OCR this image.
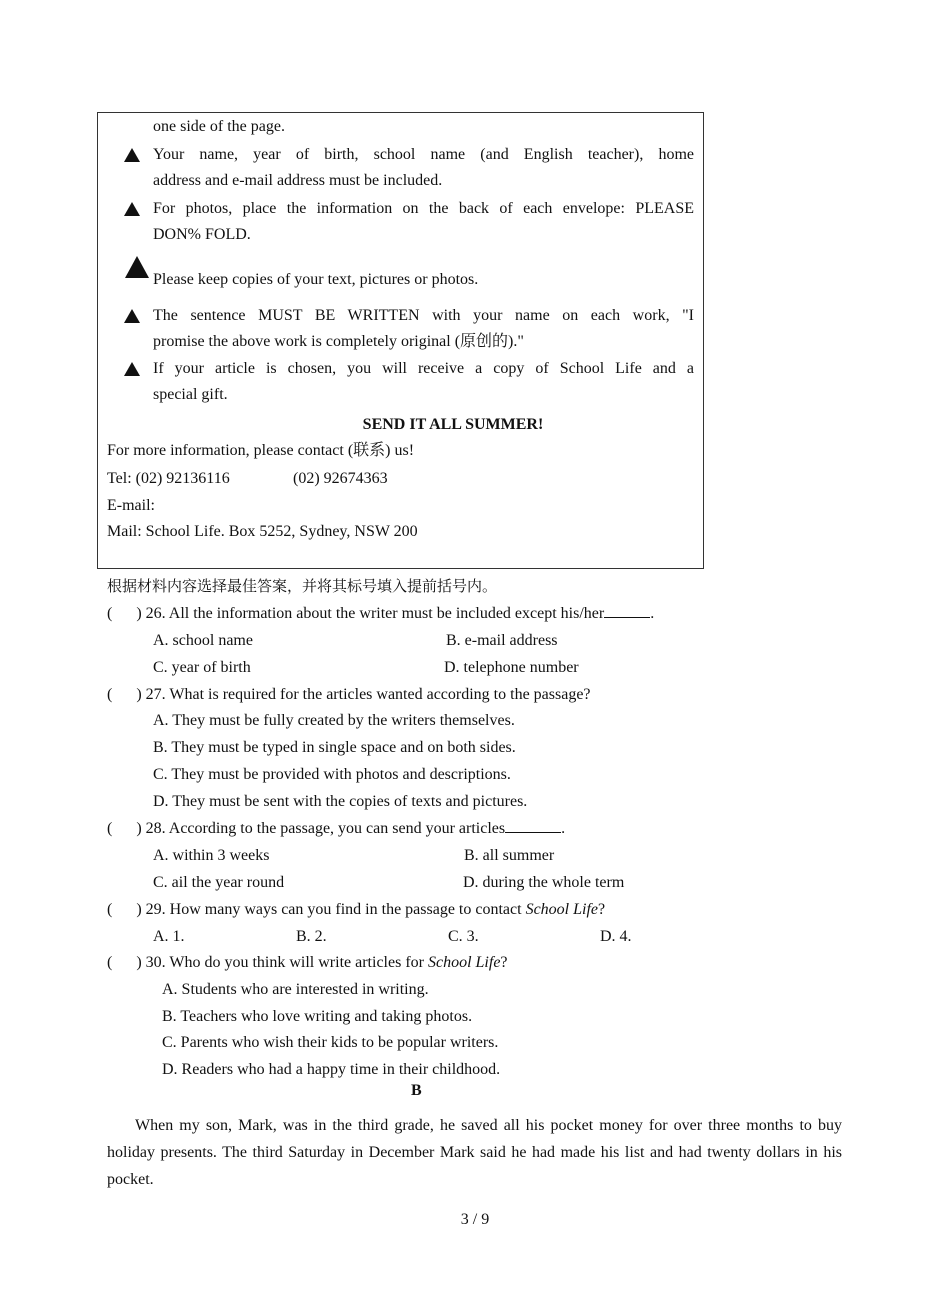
one side of the page.
Your name, year of birth, school name (and English teacher), home
address and e-mail address must be included.
For photos, place the information on the back of each envelope: PLEASE
DON% FOLD.
Please keep copies of your text, pictures or photos.
The sentence MUST BE WRITTEN with your name on each work, "I
promise the above work is completely original (原创的)."
If your article is chosen, you will receive a copy of School Life and a
special gift.
SEND IT ALL SUMMER!
For more information, please contact (联系) us!
Tel: (02) 92136116	(02) 92674363
E-mail:
Mail: School Life. Box 5252, Sydney, NSW 200
根据材料内容选择最佳答案，并将其标号填入提前括号内。
(      ) 26. All the information about the writer must be included except his/her	.
A. school name	B. e-mail address
C. year of birth	D. telephone number
(      ) 27. What is required for the articles wanted according to the passage?
A. They must be fully created by the writers themselves.
B. They must be typed in single space and on both sides.
C. They must be provided with photos and descriptions.
D. They must be sent with the copies of texts and pictures.
(      ) 28. According to the passage, you can send your articles	.
A. within 3 weeks	B. all summer
C. ail the year round	D. during the whole term
(      ) 29. How many ways can you find in the passage to contact School Life?
A. 1.	B. 2.	C. 3.	D. 4.
(      ) 30. Who do you think will write articles for School Life?
A. Students who are interested in writing.
B. Teachers who love writing and taking photos.
C. Parents who wish their kids to be popular writers.
D. Readers who had a happy time in their childhood.
B
When my son, Mark, was in the third grade, he saved all his pocket money for over three months to buy holiday presents. The third Saturday in December Mark said he had made his list and had twenty dollars in his pocket.
3 / 9
